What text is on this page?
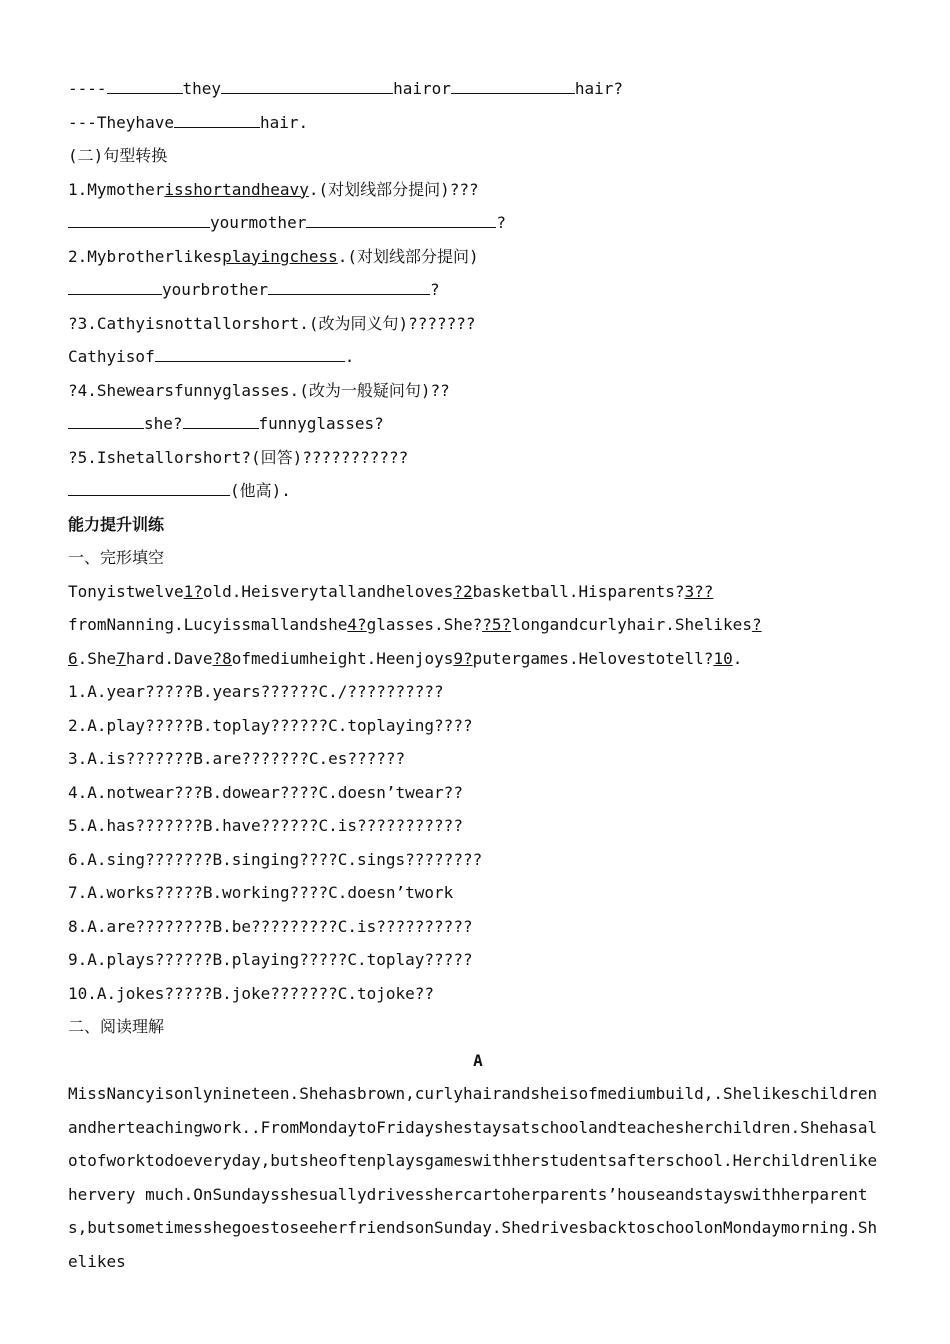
----	they	hairor	hair?
---Theyhave	hair.
(二)句型转换
1.Mymotherisshortandheavy.(对划线部分提问)???
yourmother	?
2.Mybrotherlikesplayingchess.(对划线部分提问)
yourbrother	?
?3.Cathyisnottallorshort.(改为同义句)???????
Cathyisof	.
?4.Shewearsfunnyglasses.(改为一般疑问句)??
she?	funnyglasses?
?5.Ishetallorshort?(回答)???????????
(他高).
能力提升训练
一、完形填空
Tonyistwelve1?old.Heisverytallandheloves?2basketball.Hisparents?3??
fromNanning.Lucyissmallandshe4?glasses.She??5?longandcurlyhair.Shelikes?
6.She7hard.Dave?8ofmediumheight.Heenjoys9?putergames.Helovestotell?10.
1.A.year?????B.years??????C./??????????
2.A.play?????B.toplay??????C.toplaying????
3.A.is???????B.are???????C.es??????
4.A.notwear???B.dowear????C.doesn’twear??
5.A.has???????B.have??????C.is???????????
6.A.sing???????B.singing????C.sings????????
7.A.works?????B.working????C.doesn’twork
8.A.are????????B.be?????????C.is??????????
9.A.plays??????B.playing?????C.toplay?????
10.A.jokes?????B.joke???????C.tojoke??
二、阅读理解
A
MissNancyisonlynineteen.Shehasbrown,curlyhairandsheisofmediumbuild,.Shelikeschildrenandherteachingwork..FromMondaytoFridayshestaysatschoolandteachesherchildren.Shehasalotofworktodoeveryday,butsheoftenplaysgameswithherstudentsafterschool.Herchildrenlikehervery much.OnSundaysshesuallydrivesshercartoherparents’houseandstayswithherparents,butsometimesshegoestoseeherfriendsonSunday.ShedrivesbacktoschoolonMondaymorning.Shelikes
